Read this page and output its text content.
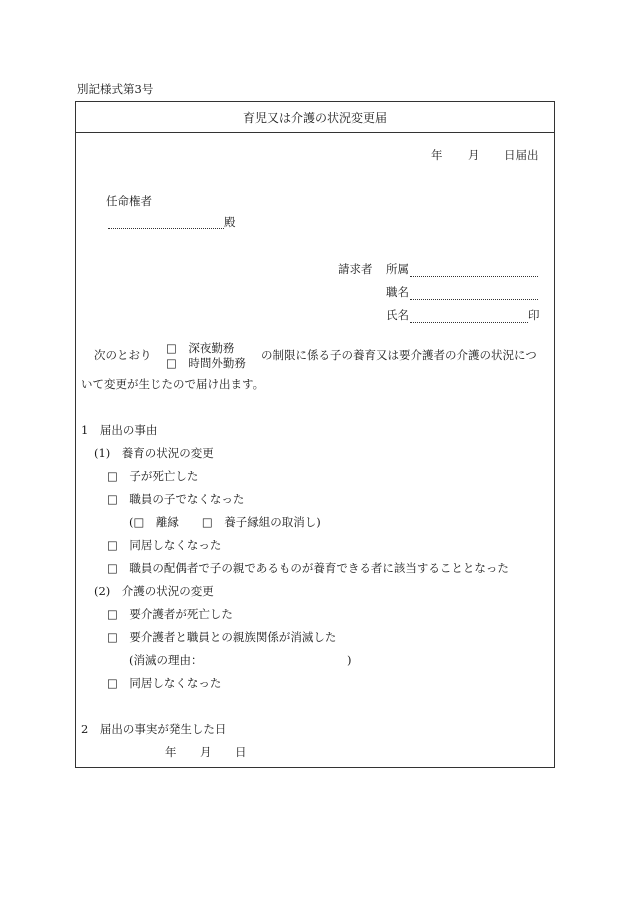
別記様式第3号
育児又は介護の状況変更届
年 月 日届出
任命権者
殿
請求者 所属
職名
氏名	印
次のとおり □　深夜勤務
□　時間外勤務
の制限に係る子の養育又は要介護者の介護の状況につ
いて変更が生じたので届け出ます。
1　届出の事由
(1)　養育の状況の変更
□　子が死亡した
□　職員の子でなくなった
(□　離縁　　□　養子縁組の取消し)
□　同居しなくなった
□　職員の配偶者で子の親であるものが養育できる者に該当することとなった
(2)　介護の状況の変更
□　要介護者が死亡した
□　要介護者と職員との親族関係が消滅した
(消滅の理由：	)
□　同居しなくなった
2　届出の事実が発生した日
年 月 日
